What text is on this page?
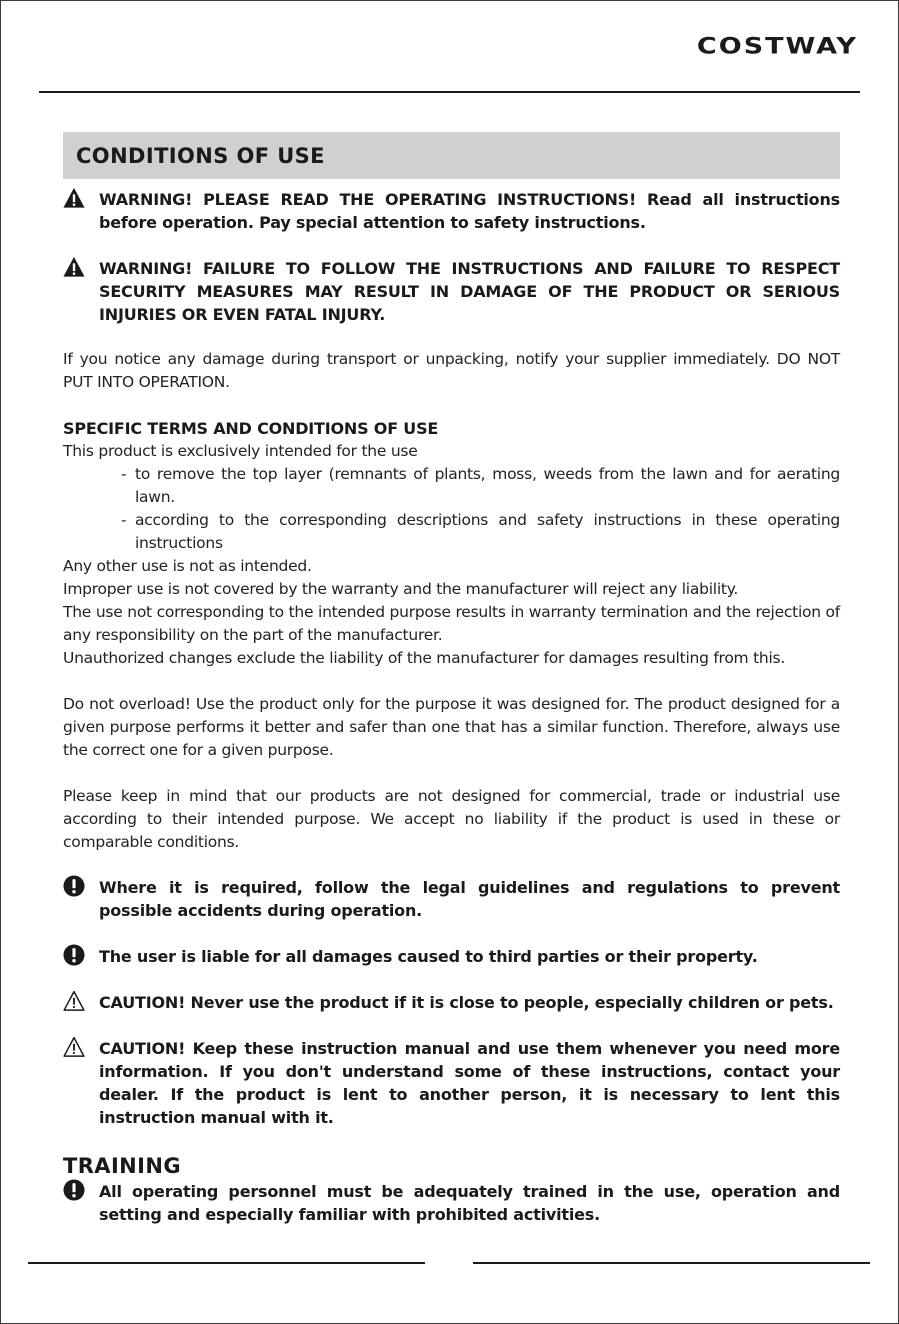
COSTWAY
CONDITIONS OF USE
WARNING! PLEASE READ THE OPERATING INSTRUCTIONS! Read all instructions before operation. Pay special attention to safety instructions.
WARNING! FAILURE TO FOLLOW THE INSTRUCTIONS AND FAILURE TO RESPECT SECURITY MEASURES MAY RESULT IN DAMAGE OF THE PRODUCT OR SERIOUS INJURIES OR EVEN FATAL INJURY.
If you notice any damage during transport or unpacking, notify your supplier immediately. DO NOT PUT INTO OPERATION.
SPECIFIC TERMS AND CONDITIONS OF USE
This product is exclusively intended for the use
- to remove the top layer (remnants of plants, moss, weeds from the lawn and for aerating lawn.
- according to the corresponding descriptions and safety instructions in these operating instructions
Any other use is not as intended.
Improper use is not covered by the warranty and the manufacturer will reject any liability.
The use not corresponding to the intended purpose results in warranty termination and the rejection of any responsibility on the part of the manufacturer.
Unauthorized changes exclude the liability of the manufacturer for damages resulting from this.
Do not overload! Use the product only for the purpose it was designed for. The product designed for a given purpose performs it better and safer than one that has a similar function. Therefore, always use the correct one for a given purpose.
Please keep in mind that our products are not designed for commercial, trade or industrial use according to their intended purpose. We accept no liability if the product is used in these or comparable conditions.
Where it is required, follow the legal guidelines and regulations to prevent possible accidents during operation.
The user is liable for all damages caused to third parties or their property.
CAUTION! Never use the product if it is close to people, especially children or pets.
CAUTION! Keep these instruction manual and use them whenever you need more information. If you don't understand some of these instructions, contact your dealer. If the product is lent to another person, it is necessary to lent this instruction manual with it.
TRAINING
All operating personnel must be adequately trained in the use, operation and setting and especially familiar with prohibited activities.
